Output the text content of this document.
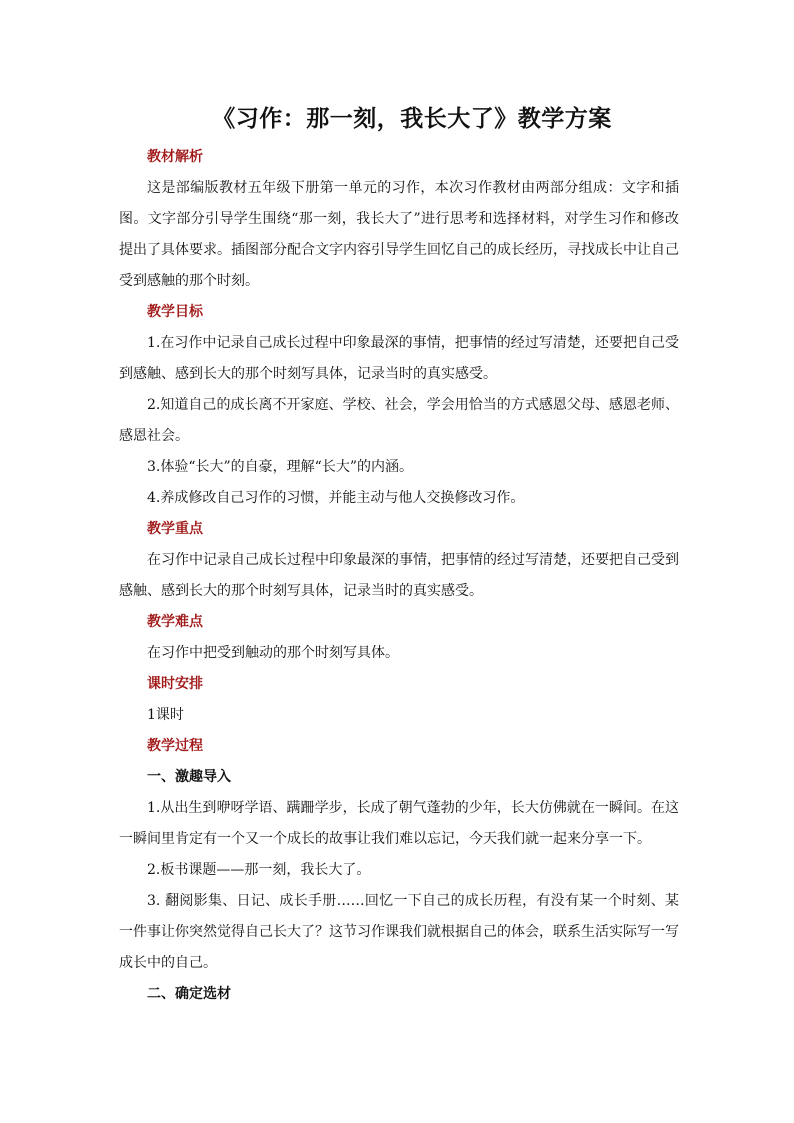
《习作：那一刻，我长大了》教学方案

教材解析

这是部编版教材五年级下册第一单元的习作，本次习作教材由两部分组成：文字和插图。文字部分引导学生围绕“那一刻，我长大了”进行思考和选择材料，对学生习作和修改提出了具体要求。插图部分配合文字内容引导学生回忆自己的成长经历，寻找成长中让自己受到感触的那个时刻。

教学目标

1.在习作中记录自己成长过程中印象最深的事情，把事情的经过写清楚，还要把自己受到感触、感到长大的那个时刻写具体，记录当时的真实感受。

2.知道自己的成长离不开家庭、学校、社会，学会用恰当的方式感恩父母、感恩老师、感恩社会。

3.体验“长大”的自豪，理解“长大”的内涵。

4.养成修改自己习作的习惯，并能主动与他人交换修改习作。

教学重点

在习作中记录自己成长过程中印象最深的事情，把事情的经过写清楚，还要把自己受到感触、感到长大的那个时刻写具体，记录当时的真实感受。

教学难点

在习作中把受到触动的那个时刻写具体。

课时安排

1课时

教学过程

一、激趣导入

1.从出生到咿呀学语、蹒跚学步，长成了朝气蓬勃的少年，长大仿佛就在一瞬间。在这一瞬间里肯定有一个又一个成长的故事让我们难以忘记，今天我们就一起来分享一下。

2.板书课题——那一刻，我长大了。

3. 翻阅影集、日记、成长手册……回忆一下自己的成长历程，有没有某一个时刻、某一件事让你突然觉得自己长大了？这节习作课我们就根据自己的体会，联系生活实际写一写成长中的自己。

二、确定选材
